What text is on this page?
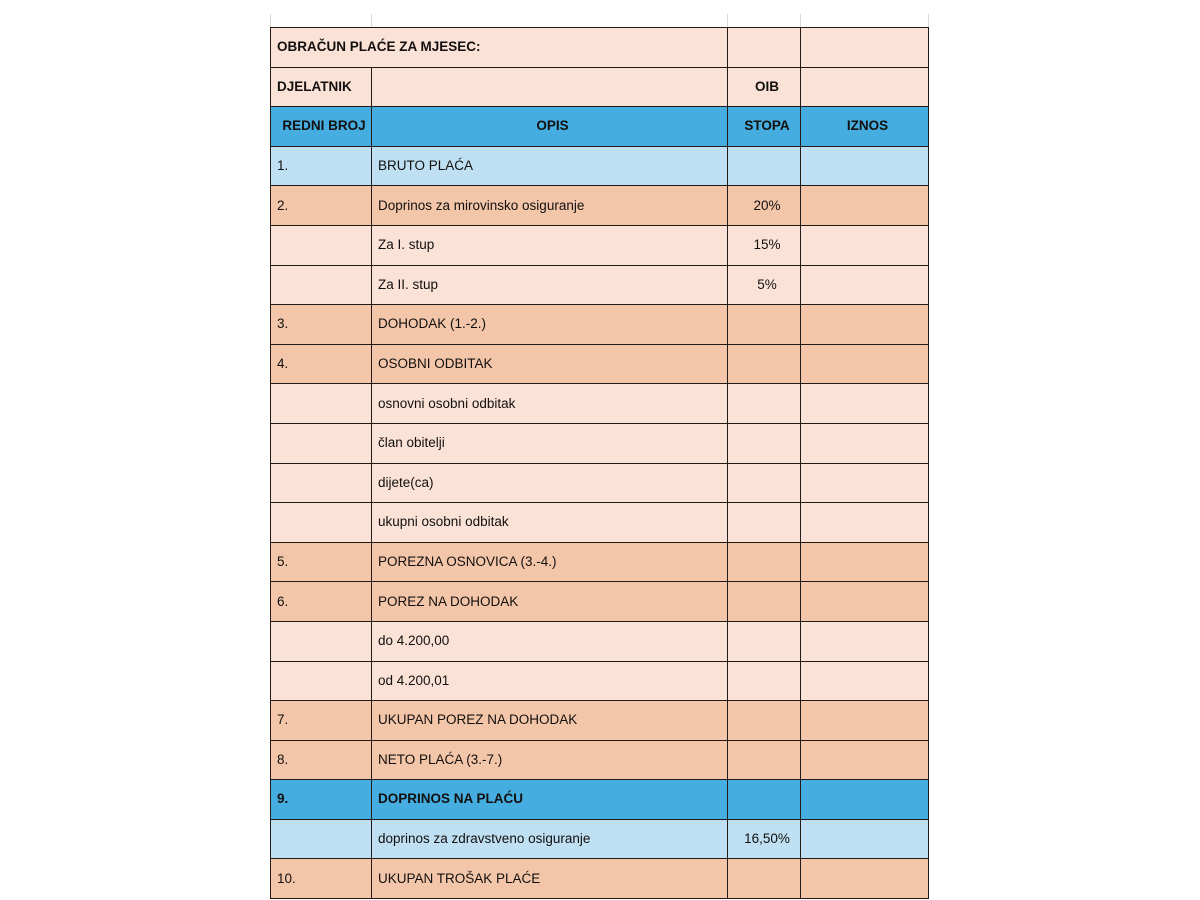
OBRAČUN PLAĆE ZA MJESEC:			
DJELATNIK		OIB	
REDNI BROJ	OPIS	STOPA	IZNOS
1.	BRUTO PLAĆA		
2.	Doprinos za mirovinsko osiguranje	20%	
	Za I. stup	15%	
	Za II. stup	5%	
3.	DOHODAK (1.-2.)		
4.	OSOBNI ODBITAK		
	osnovni osobni odbitak		
	član obitelji		
	dijete(ca)		
	ukupni osobni odbitak		
5.	POREZNA OSNOVICA (3.-4.)		
6.	POREZ NA DOHODAK		
	do 4.200,00		
	od 4.200,01		
7.	UKUPAN POREZ NA DOHODAK		
8.	NETO PLAĆA (3.-7.)		
9.	DOPRINOS NA PLAĆU		
	doprinos za zdravstveno osiguranje	16,50%	
10.	UKUPAN TROŠAK PLAĆE		
